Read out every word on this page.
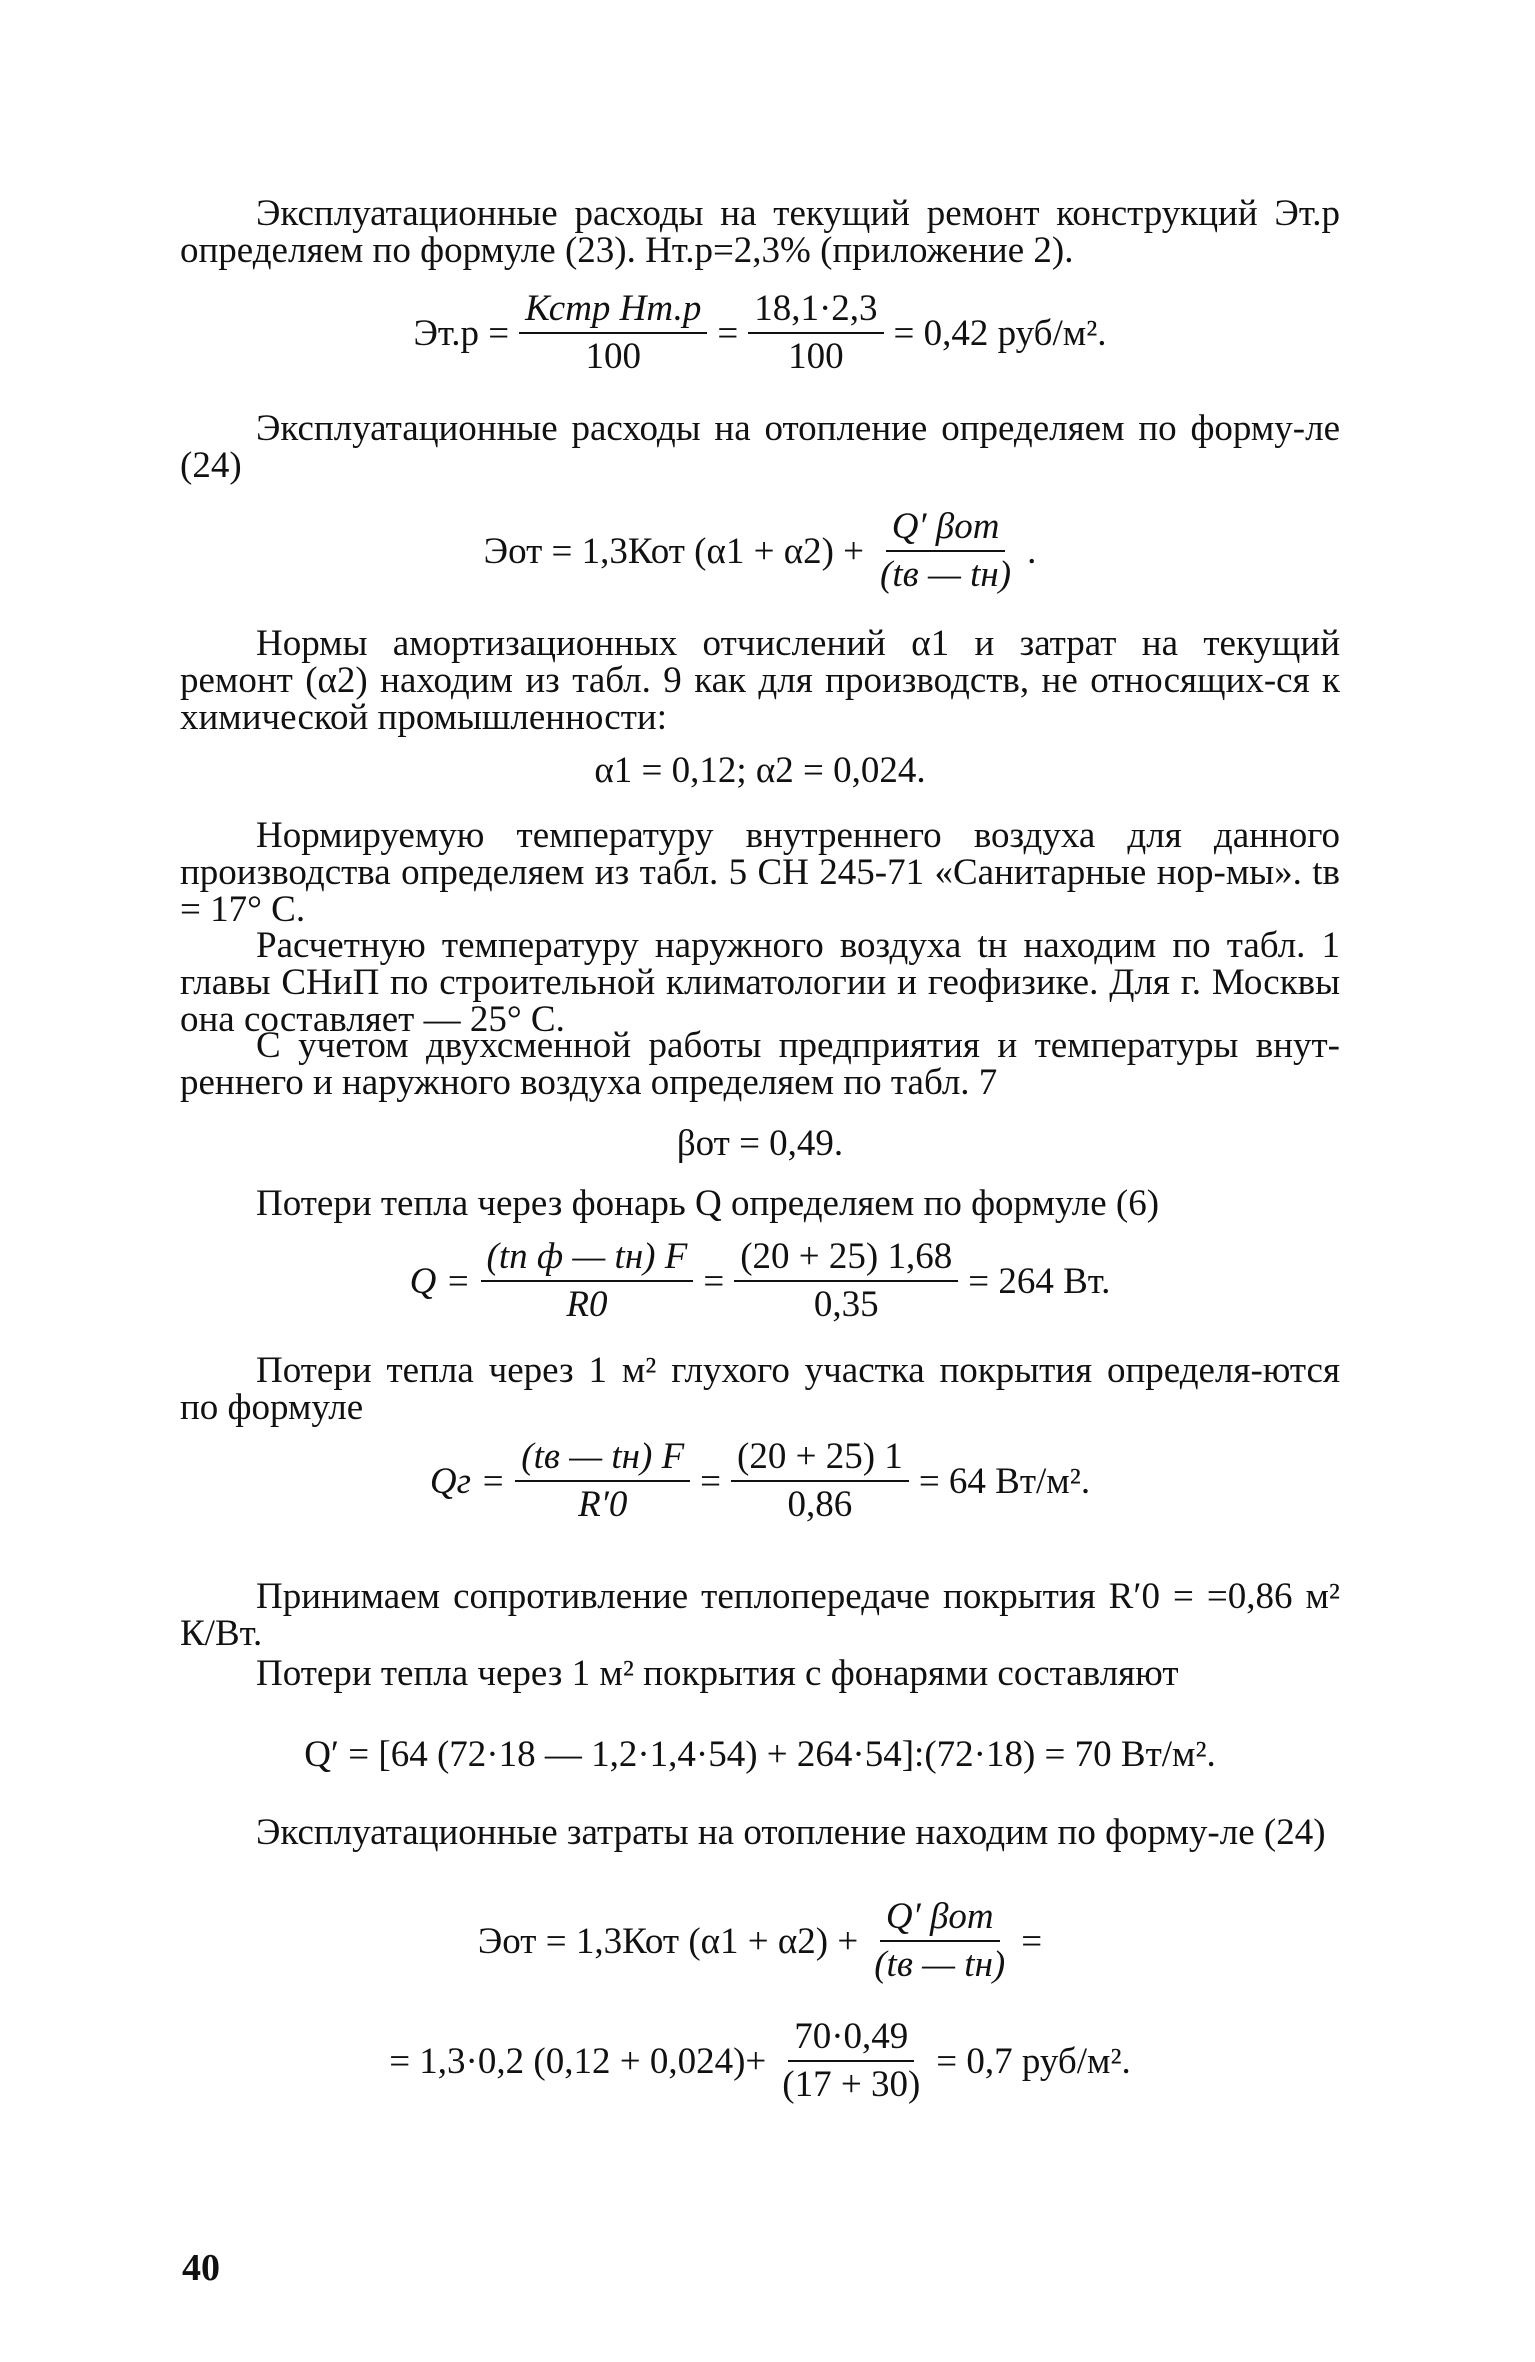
Эксплуатационные расходы на текущий ремонт конструкций Эт.р определяем по формуле (23). Нт.р=2,3% (приложение 2).
$Эт.р = \frac{\text{Кстр Нт.р}}{100} = \frac{18,1\cdot 2,3}{100} = 0,42$ руб/м².
Эксплуатационные расходы на отопление определяем по форму-ле (24)
Эот = 1,3Кот $(\alpha 1 + \alpha 2) + \frac{\text{Q′ βот}}{(tв — tн)}$ .
Нормы амортизационных отчислений α1 и затрат на текущий ремонт (α2) находим из табл. 9 как для производств, не относящих-ся к химической промышленности:
α1 = 0,12; α2 = 0,024.
Нормируемую температуру внутреннего воздуха для данного производства определяем из табл. 5 СН 245-71 «Санитарные нор-мы». tв = 17° С.
Расчетную температуру наружного воздуха tн находим по табл. 1 главы СНиП по строительной климатологии и геофизике. Для г. Москвы она составляет — 25° С.
С учетом двухсменной работы предприятия и температуры внут-реннего и наружного воздуха определяем по табл. 7
βот = 0,49.
Потери тепла через фонарь Q определяем по формуле (6)
$Q = \frac{\text{(tп ф — tн) F}}{R0} = \frac{(20 + 25) 1,68}{0,35} = 264$ Вт.
Потери тепла через 1 м² глухого участка покрытия определя-ются по формуле
Qг = $\frac{(tв — tн) F}{R'0} = \frac{(20 + 25) 1}{0,86} = 64$ Вт/м².
Принимаем сопротивление теплопередаче покрытия R′0 = =0,86 м² К/Вт.
Потери тепла через 1 м² покрытия с фонарями составляют
Q′ = [64 (72·18 — 1,2·1,4·54) + 264·54]:(72·18) = 70 Вт/м².
Эксплуатационные затраты на отопление находим по форму-ле (24)
Эот = 1,3Кот $(\alpha 1 + \alpha 2) + \frac{\text{Q′ βот}}{(tв — tн)}$ =
= 1,3·0,2 $(0,12 + 0,024)+ \frac{70\cdot 0,49}{(17 + 30)} = 0,7$ руб/м².
40
